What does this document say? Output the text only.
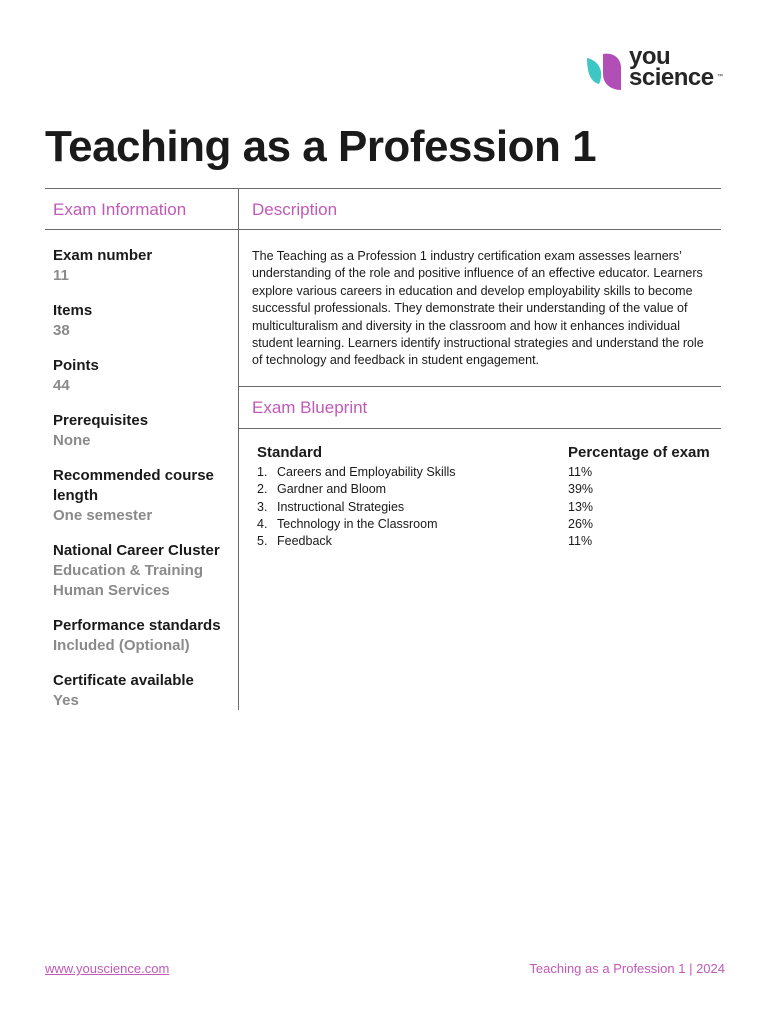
you
science ™
Teaching as a Profession 1
Exam Information	Description
Exam Blueprint
Exam number
11
Items
38
Points
44
Prerequisites
None
Recommended course length
One semester
National Career Cluster
Education & Training Human Services
Performance standards
Included (Optional)
Certificate available
Yes

The Teaching as a Profession 1 industry certification exam assesses learners’ understanding of the role and positive influence of an effective educator. Learners explore various careers in education and develop employability skills to become successful professionals. They demonstrate their understanding of the value of multiculturalism and diversity in the classroom and how it enhances individual student learning. Learners identify instructional strategies and understand the role of technology and feedback in student engagement.

Standard	Percentage of exam
1. Careers and Employability Skills	11%
2. Gardner and Bloom	39%
3. Instructional Strategies	13%
4. Technology in the Classroom	26%
5. Feedback	11%
www.youscience.com	Teaching as a Profession 1 | 2024
